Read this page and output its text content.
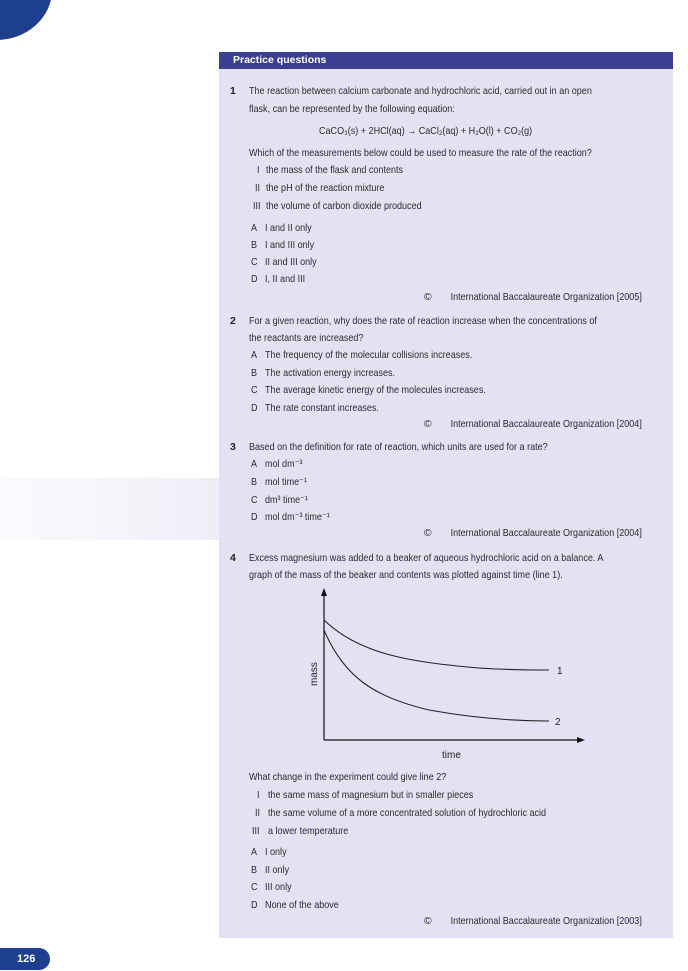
Practice questions
1 The reaction between calcium carbonate and hydrochloric acid, carried out in an open
flask, can be represented by the following equation:
CaCO₃(s) + 2HCl(aq) → CaCl₂(aq) + H₂O(l) + CO₂(g)
Which of the measurements below could be used to measure the rate of the reaction?
I the mass of the flask and contents
II the pH of the reaction mixture
III the volume of carbon dioxide produced
A I and II only
B I and III only
C II and III only
D I, II and III
© International Baccalaureate Organization [2005]
2 For a given reaction, why does the rate of reaction increase when the concentrations of
the reactants are increased?
A The frequency of the molecular collisions increases.
B The activation energy increases.
C The average kinetic energy of the molecules increases.
D The rate constant increases.
© International Baccalaureate Organization [2004]
3 Based on the definition for rate of reaction, which units are used for a rate?
A mol dm⁻³
B mol time⁻¹
C dm³ time⁻¹
D mol dm⁻³ time⁻¹
© International Baccalaureate Organization [2004]
4 Excess magnesium was added to a beaker of aqueous hydrochloric acid on a balance. A
graph of the mass of the beaker and contents was plotted against time (line 1).
1
2
mass
time
What change in the experiment could give line 2?
I the same mass of magnesium but in smaller pieces
II the same volume of a more concentrated solution of hydrochloric acid
III a lower temperature
A I only
B II only
C III only
D None of the above
© International Baccalaureate Organization [2003]
126
